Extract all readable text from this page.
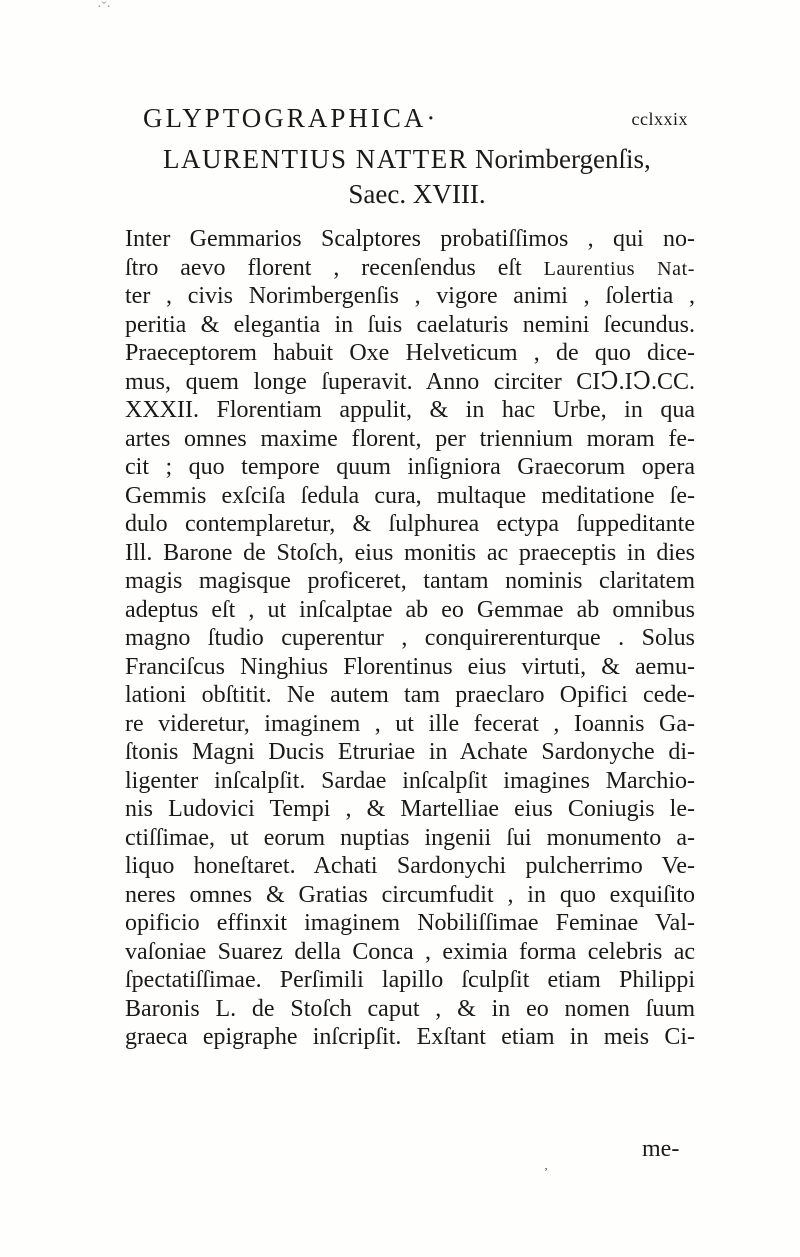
·ˇ·
GLYPTOGRAPHICA·	cclxxix
LAURENTIUS NATTER Norimbergenſis,
Saec. XVIII.
Inter Gemmarios Scalptores probatiſſimos , qui no-
ſtro aevo florent , recenſendus eſt Laurentius Nat-
ter , civis Norimbergenſis , vigore animi , ſolertia ,
peritia & elegantia in ſuis caelaturis nemini ſecundus.
Praeceptorem habuit Oxe Helveticum , de quo dice-
mus, quem longe ſuperavit. Anno circiter CIↃ.IↃ.CC.
XXXII. Florentiam appulit, & in hac Urbe, in qua
artes omnes maxime florent, per triennium moram fe-
cit ; quo tempore quum inſigniora Graecorum opera
Gemmis exſciſa ſedula cura, multaque meditatione ſe-
dulo contemplaretur, & ſulphurea ectypa ſuppeditante
Ill. Barone de Stoſch, eius monitis ac praeceptis in dies
magis magisque proficeret, tantam nominis claritatem
adeptus eſt , ut inſcalptae ab eo Gemmae ab omnibus
magno ſtudio cuperentur , conquirerenturque . Solus
Franciſcus Ninghius Florentinus eius virtuti, & aemu-
lationi obſtitit. Ne autem tam praeclaro Opifici cede-
re videretur, imaginem , ut ille fecerat , Ioannis Ga-
ſtonis Magni Ducis Etruriae in Achate Sardonyche di-
ligenter inſcalpſit. Sardae inſcalpſit imagines Marchio-
nis Ludovici Tempi , & Martelliae eius Coniugis le-
ctiſſimae, ut eorum nuptias ingenii ſui monumento a-
liquo honeſtaret. Achati Sardonychi pulcherrimo Ve-
neres omnes & Gratias circumfudit , in quo exquiſito
opificio effinxit imaginem Nobiliſſimae Feminae Val-
vaſoniae Suarez della Conca , eximia forma celebris ac
ſpectatiſſimae. Perſimili lapillo ſculpſit etiam Philippi
Baronis L. de Stoſch caput , & in eo nomen ſuum
graeca epigraphe inſcripſit. Exſtant etiam in meis Ci-
me-
ʼ
